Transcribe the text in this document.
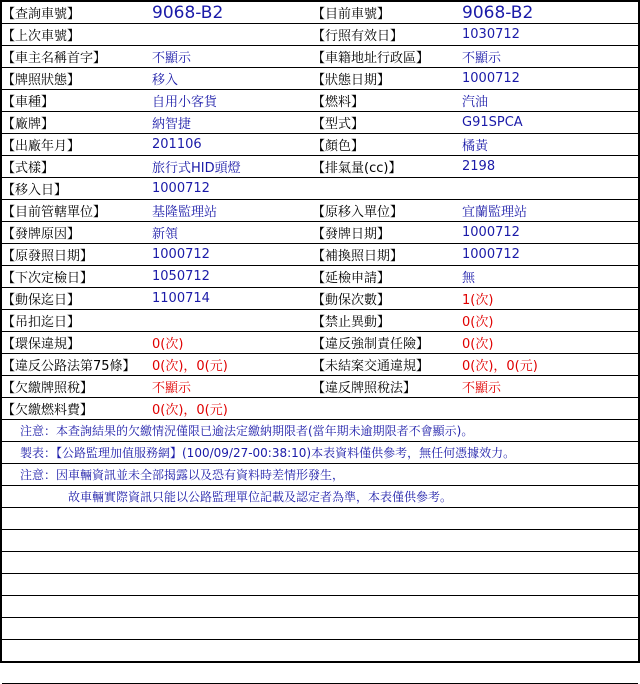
【查詢車號】	9068-B2	【目前車號】	9068-B2
【上次車號】	【行照有效日】	1030712
【車主名稱首字】	不顯示	【車籍地址行政區】	不顯示
【牌照狀態】	移入	【狀態日期】	1000712
【車種】	自用小客貨	【燃料】	汽油
【廠牌】	納智捷	【型式】	G91SPCA
【出廠年月】	201106	【顏色】	橘黃
【式樣】	旅行式HID頭燈	【排氣量(cc)】	2198
【移入日】	1000712
【目前管轄單位】	基隆監理站	【原移入單位】	宜蘭監理站
【發牌原因】	新領	【發牌日期】	1000712
【原發照日期】	1000712	【補換照日期】	1000712
【下次定檢日】	1050712	【延檢申請】	無
【動保迄日】	1100714	【動保次數】	1(次)
【吊扣迄日】	【禁止異動】	0(次)
【環保違規】	0(次)	【違反強制責任險】	0(次)
【違反公路法第75條】	0(次)，0(元)	【未結案交通違規】	0(次)，0(元)
【欠繳牌照稅】	不顯示	【違反牌照稅法】	不顯示
【欠繳燃料費】	0(次)，0(元)
注意：本查詢結果的欠繳情況僅限已逾法定繳納期限者(當年期未逾期限者不會顯示)。
製表：【公路監理加值服務網】(100/09/27-00:38:10)本表資料僅供參考，無任何憑據效力。
注意：因車輛資訊並未全部揭露以及恐有資料時差情形發生，
故車輛實際資訊只能以公路監理單位記載及認定者為準，本表僅供參考。
